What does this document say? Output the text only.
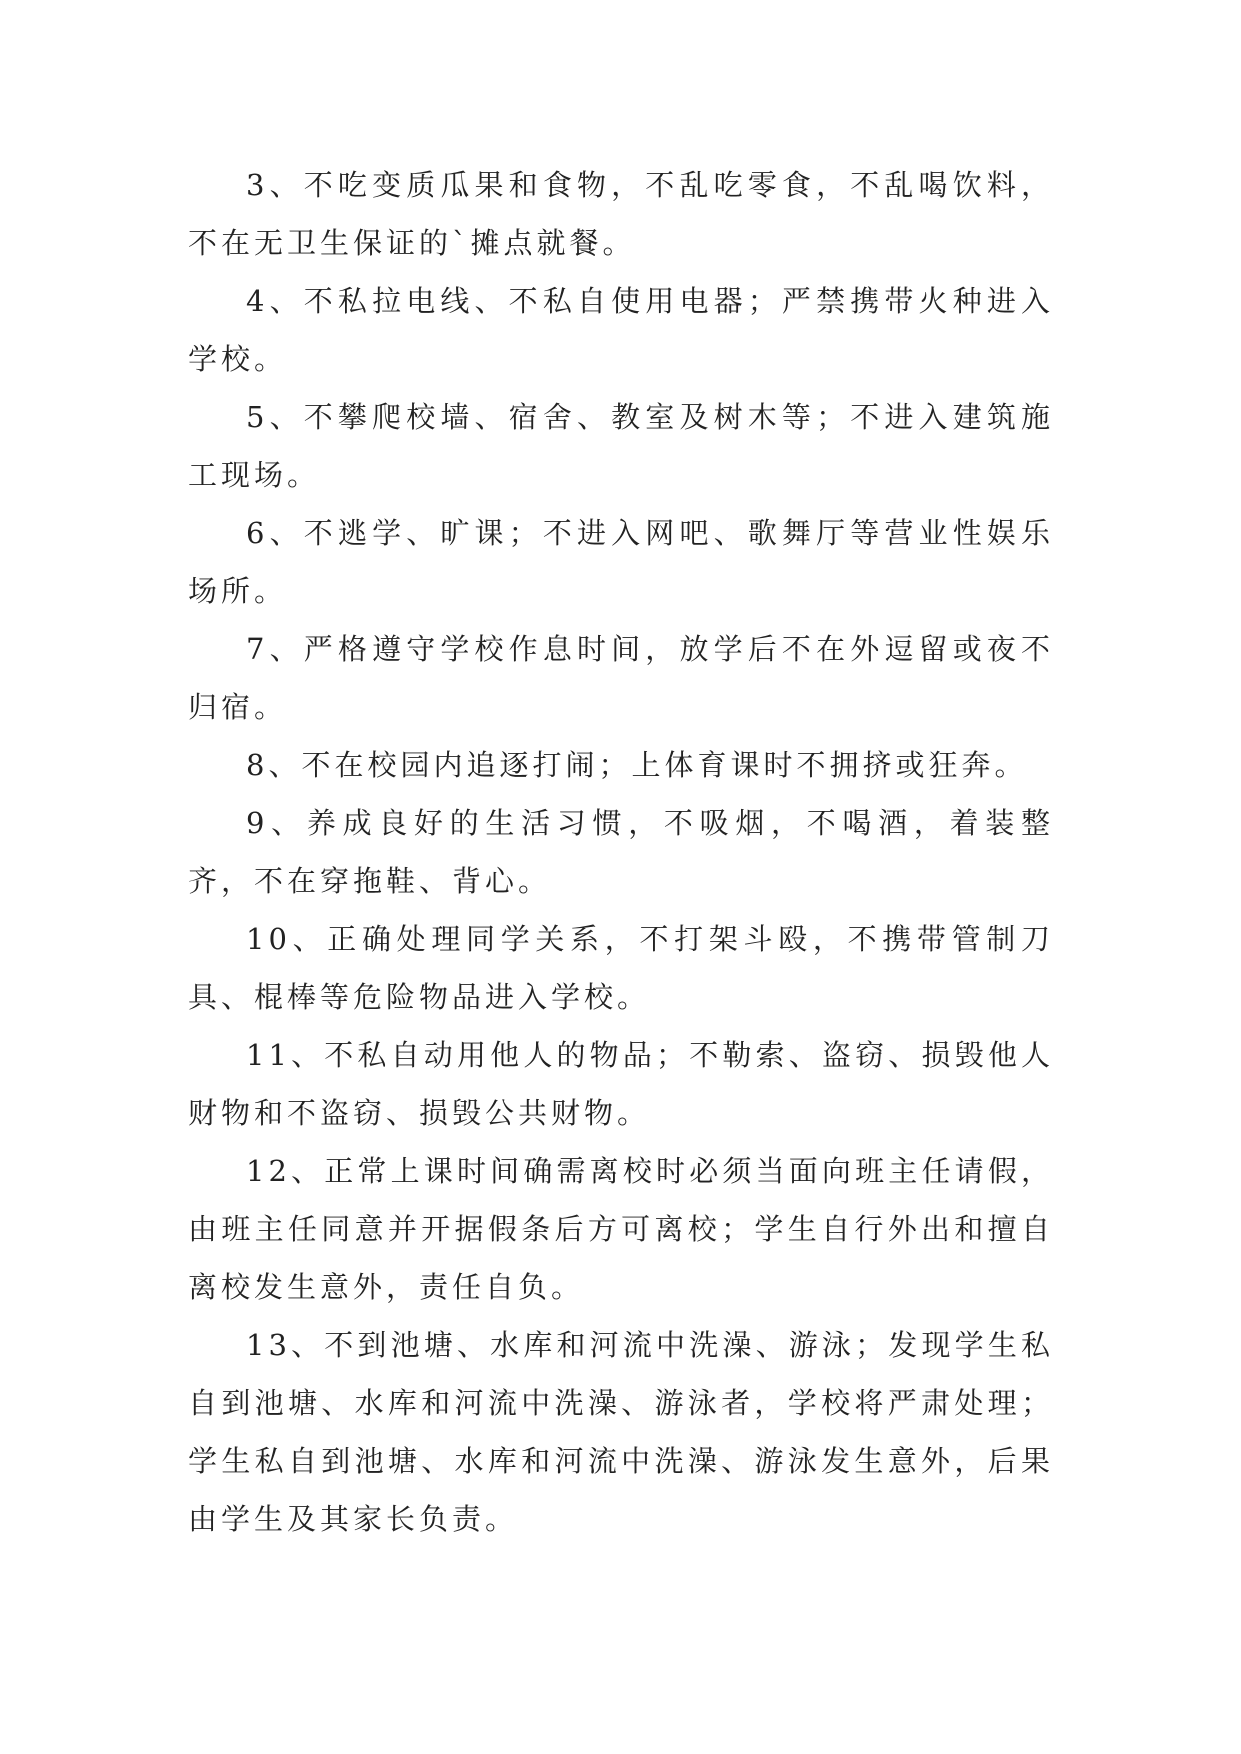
3、不吃变质瓜果和食物，不乱吃零食，不乱喝饮料，不在无卫生保证的`摊点就餐。

4、不私拉电线、不私自使用电器；严禁携带火种进入学校。

5、不攀爬校墙、宿舍、教室及树木等；不进入建筑施工现场。

6、不逃学、旷课；不进入网吧、歌舞厅等营业性娱乐场所。

7、严格遵守学校作息时间，放学后不在外逗留或夜不归宿。

8、不在校园内追逐打闹；上体育课时不拥挤或狂奔。

9、养成良好的生活习惯，不吸烟，不喝酒，着装整齐，不在穿拖鞋、背心。

10、正确处理同学关系，不打架斗殴，不携带管制刀具、棍棒等危险物品进入学校。

11、不私自动用他人的物品；不勒索、盗窃、损毁他人财物和不盗窃、损毁公共财物。

12、正常上课时间确需离校时必须当面向班主任请假，由班主任同意并开据假条后方可离校；学生自行外出和擅自离校发生意外，责任自负。

13、不到池塘、水库和河流中洗澡、游泳；发现学生私自到池塘、水库和河流中洗澡、游泳者，学校将严肃处理；学生私自到池塘、水库和河流中洗澡、游泳发生意外，后果由学生及其家长负责。
